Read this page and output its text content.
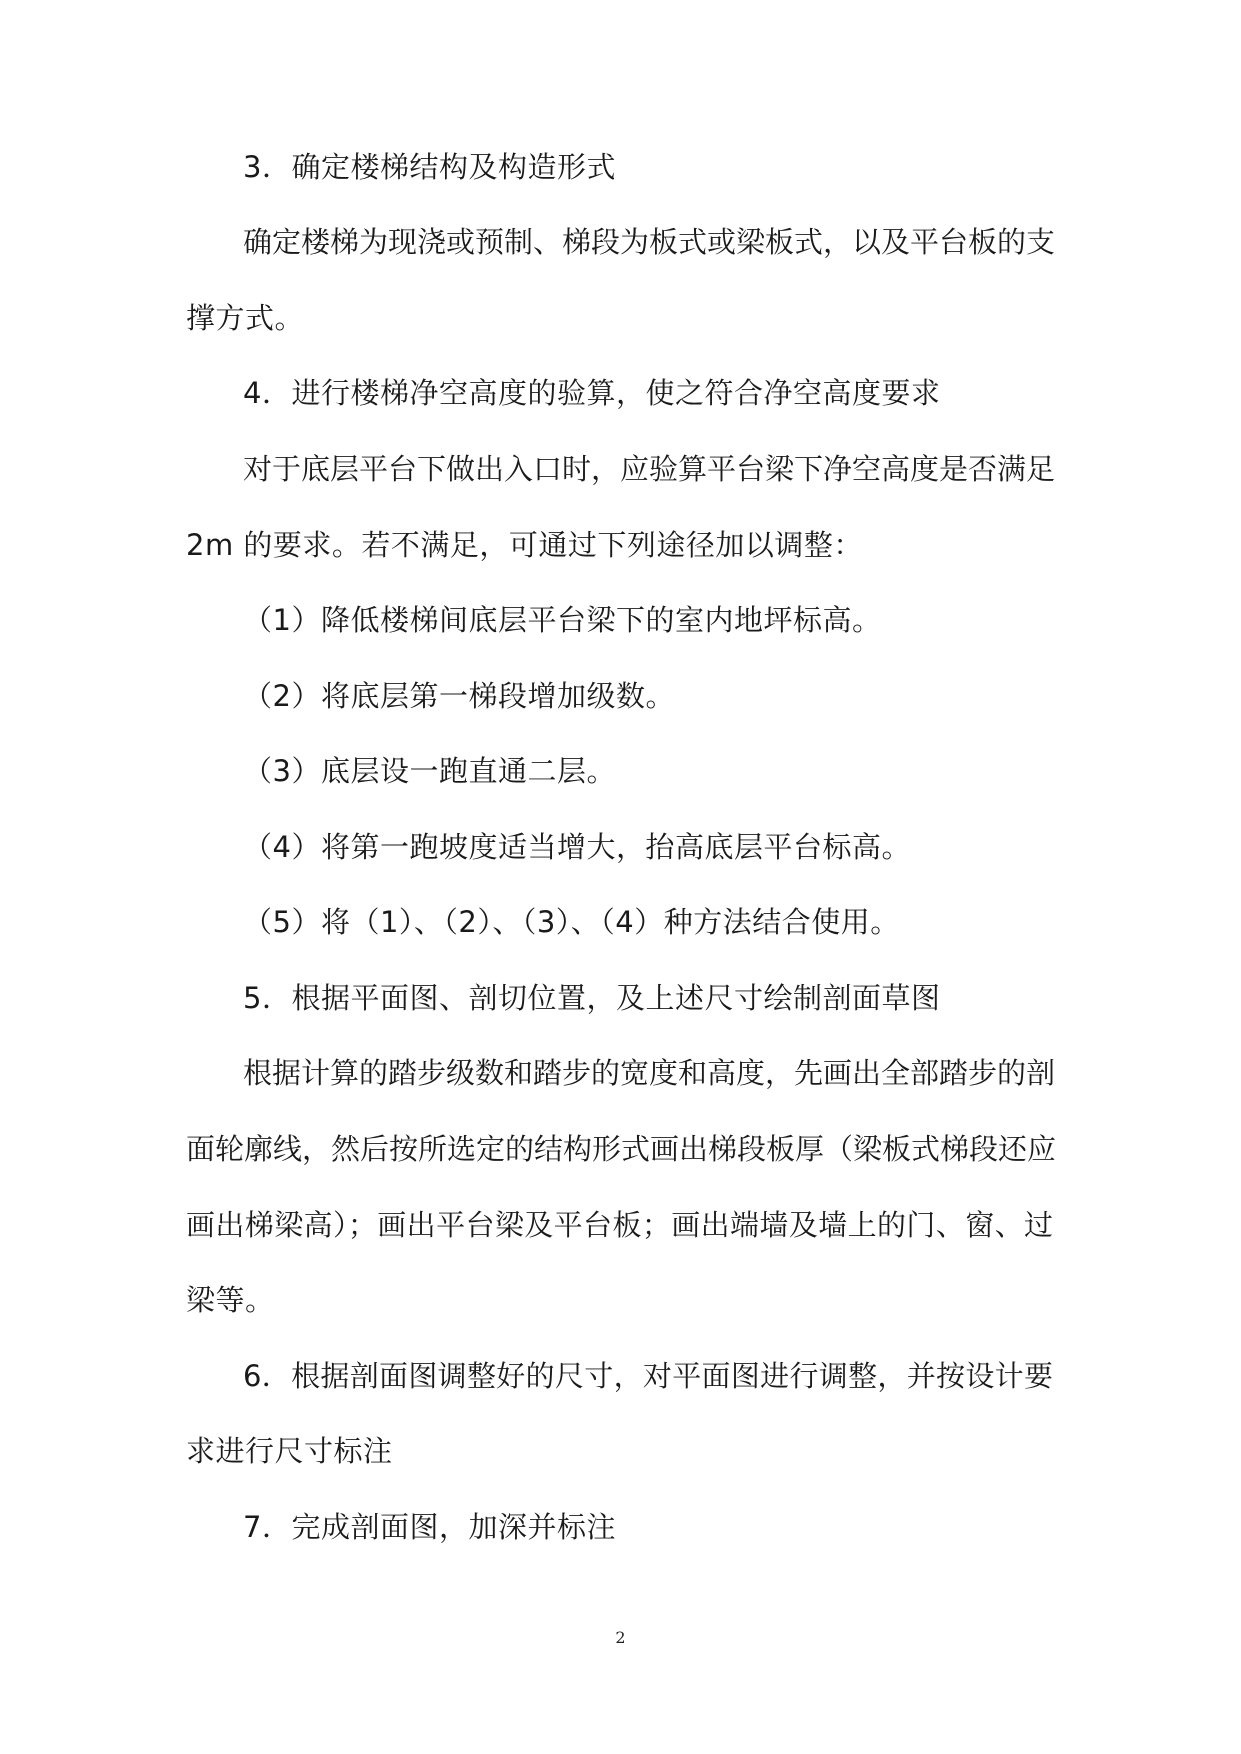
3．确定楼梯结构及构造形式
确定楼梯为现浇或预制、梯段为板式或梁板式，以及平台板的支
撑方式。
4．进行楼梯净空高度的验算，使之符合净空高度要求
对于底层平台下做出入口时，应验算平台梁下净空高度是否满足
2m 的要求。若不满足，可通过下列途径加以调整：
（1）降低楼梯间底层平台梁下的室内地坪标高。
（2）将底层第一梯段增加级数。
（3）底层设一跑直通二层。
（4）将第一跑坡度适当增大，抬高底层平台标高。
（5）将（1）、（2）、（3）、（4）种方法结合使用。
5．根据平面图、剖切位置，及上述尺寸绘制剖面草图
根据计算的踏步级数和踏步的宽度和高度，先画出全部踏步的剖
面轮廓线，然后按所选定的结构形式画出梯段板厚（梁板式梯段还应
画出梯梁高）；画出平台梁及平台板；画出端墙及墙上的门、窗、过
梁等。
6．根据剖面图调整好的尺寸，对平面图进行调整，并按设计要
求进行尺寸标注
7．完成剖面图，加深并标注
2
